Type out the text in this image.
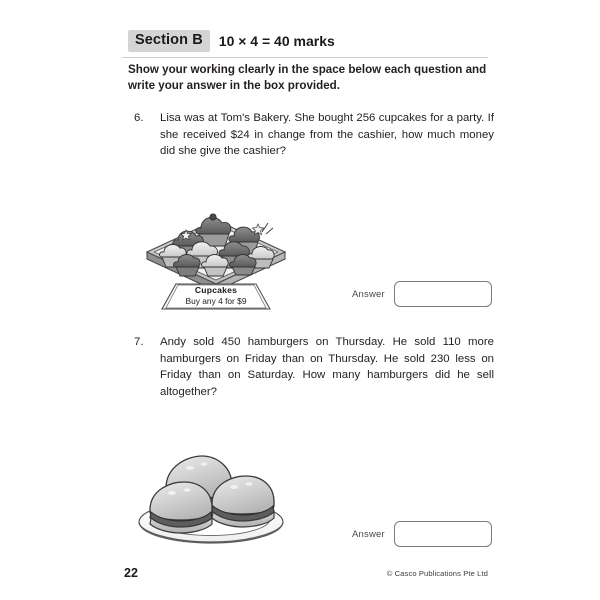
Section B	10 × 4 = 40 marks
Show your working clearly in the space below each question and write your answer in the box provided.
6.	Lisa was at Tom's Bakery. She bought 256 cupcakes for a party. If she received $24 in change from the cashier, how much money did she give the cashier?
Cupcakes
Buy any 4 for $9
Answer
7.	Andy sold 450 hamburgers on Thursday. He sold 110 more hamburgers on Friday than on Thursday. He sold 230 less on Friday than on Saturday. How many hamburgers did he sell altogether?
Answer
22	© Casco Publications Pte Ltd
